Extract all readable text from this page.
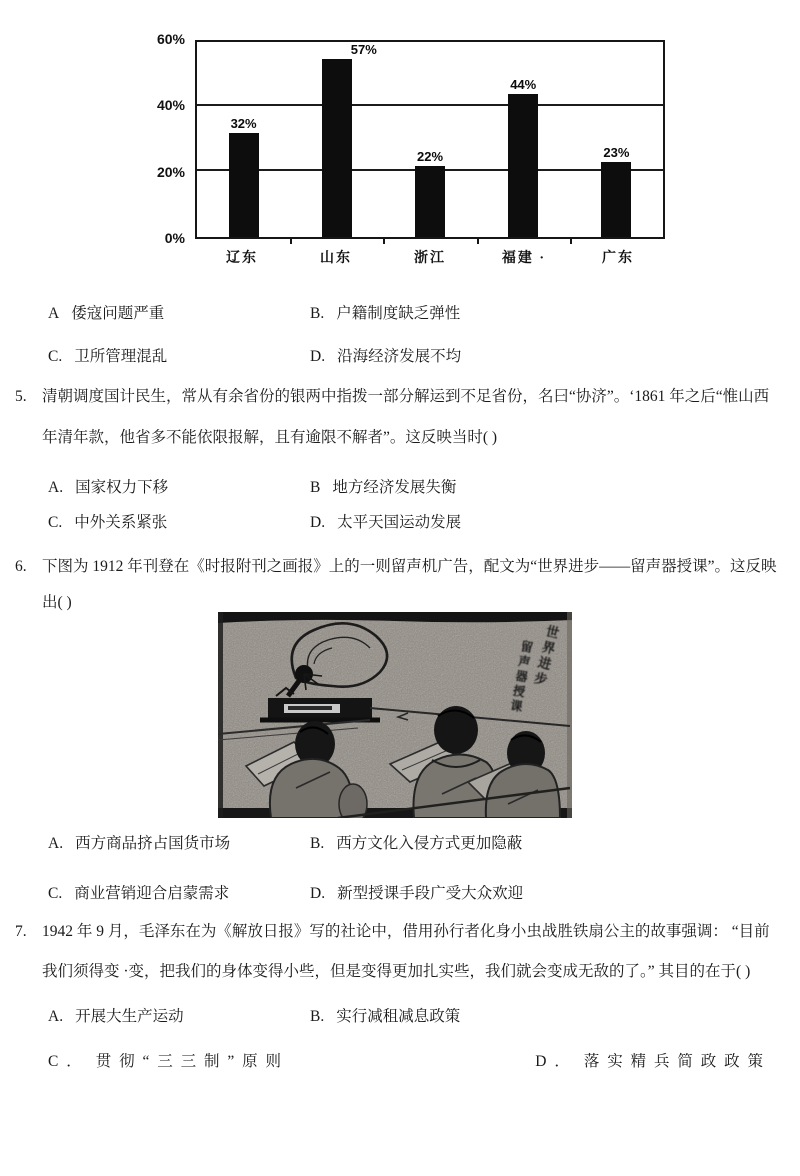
60%
40%
20%
0%
32%
57%
22%
44%
23%
辽东	山东	浙江	福建 ·	广东
A 倭寇问题严重	B. 户籍制度缺乏弹性
C. 卫所管理混乱	D. 沿海经济发展不均
5. 清朝调度国计民生，常从有余省份的银两中指拨一部分解运到不足省份，名曰“协济”。‘1861 年之后“惟山西
年清年款，他省多不能依限报解，且有逾限不解者”。这反映当时( )
A. 国家权力下移	B 地方经济发展失衡
C. 中外关系紧张	D. 太平天国运动发展
6. 下图为 1912 年刊登在《时报附刊之画报》上的一则留声机广告，配文为“世界进步——留声器授课”。这反映
出( )
世界进步
留声器授课
A. 西方商品挤占国货市场	B. 西方文化入侵方式更加隐蔽
C. 商业营销迎合启蒙需求	D. 新型授课手段广受大众欢迎
7. 1942 年 9 月，毛泽东在为《解放日报》写的社论中，借用孙行者化身小虫战胜铁扇公主的故事强调： “目前
我们须得变 ·变，把我们的身体变得小些，但是变得更加扎实些，我们就会变成无敌的了。” 其目的在于( )
A. 开展大生产运动	B. 实行减租减息政策
C ． 贯 彻 “ 三 三 制 ” 原 则	D ． 落 实 精 兵 简 政 政 策
